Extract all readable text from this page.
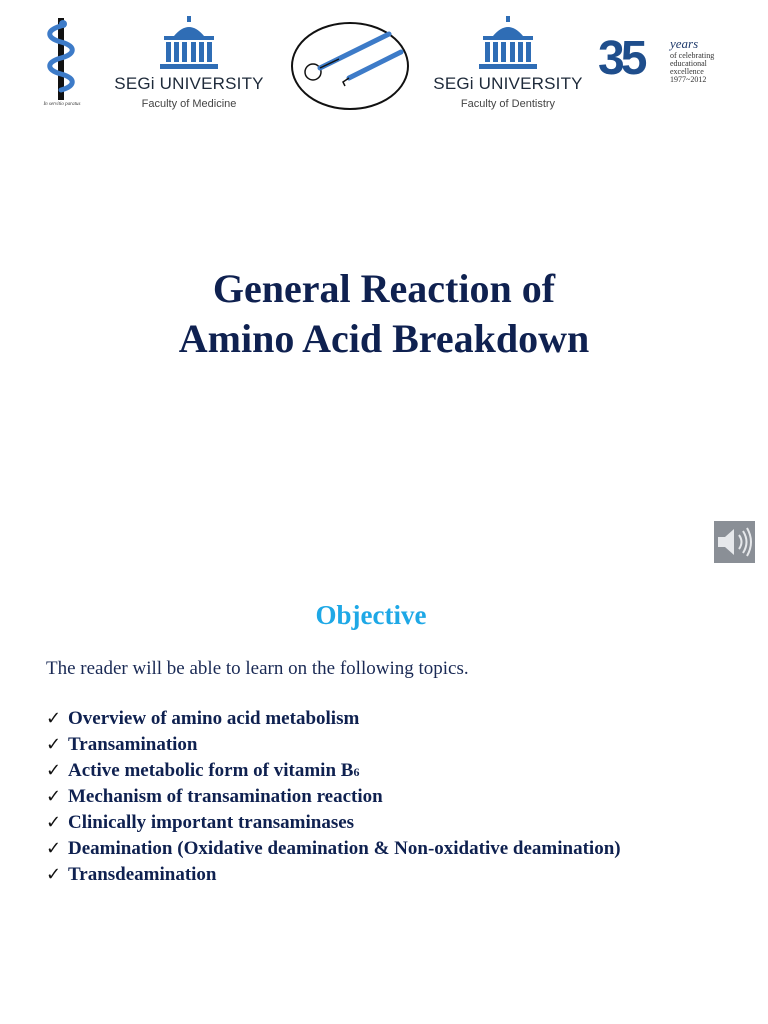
In servitio paratus
SEGi UNIVERSITY
Faculty of Medicine
SEGi UNIVERSITY
Faculty of Dentistry
35 years
of celebrating
educational
excellence
1977~2012
General Reaction of
Amino Acid Breakdown
Objective
The reader will be able to learn on the following topics.
✓ Overview of amino acid metabolism
✓ Transamination
✓ Active metabolic form of vitamin B 6
✓ Mechanism of transamination reaction
✓ Clinically important transaminases
✓ Deamination (Oxidative deamination & Non-oxidative deamination)
✓ Transdeamination
